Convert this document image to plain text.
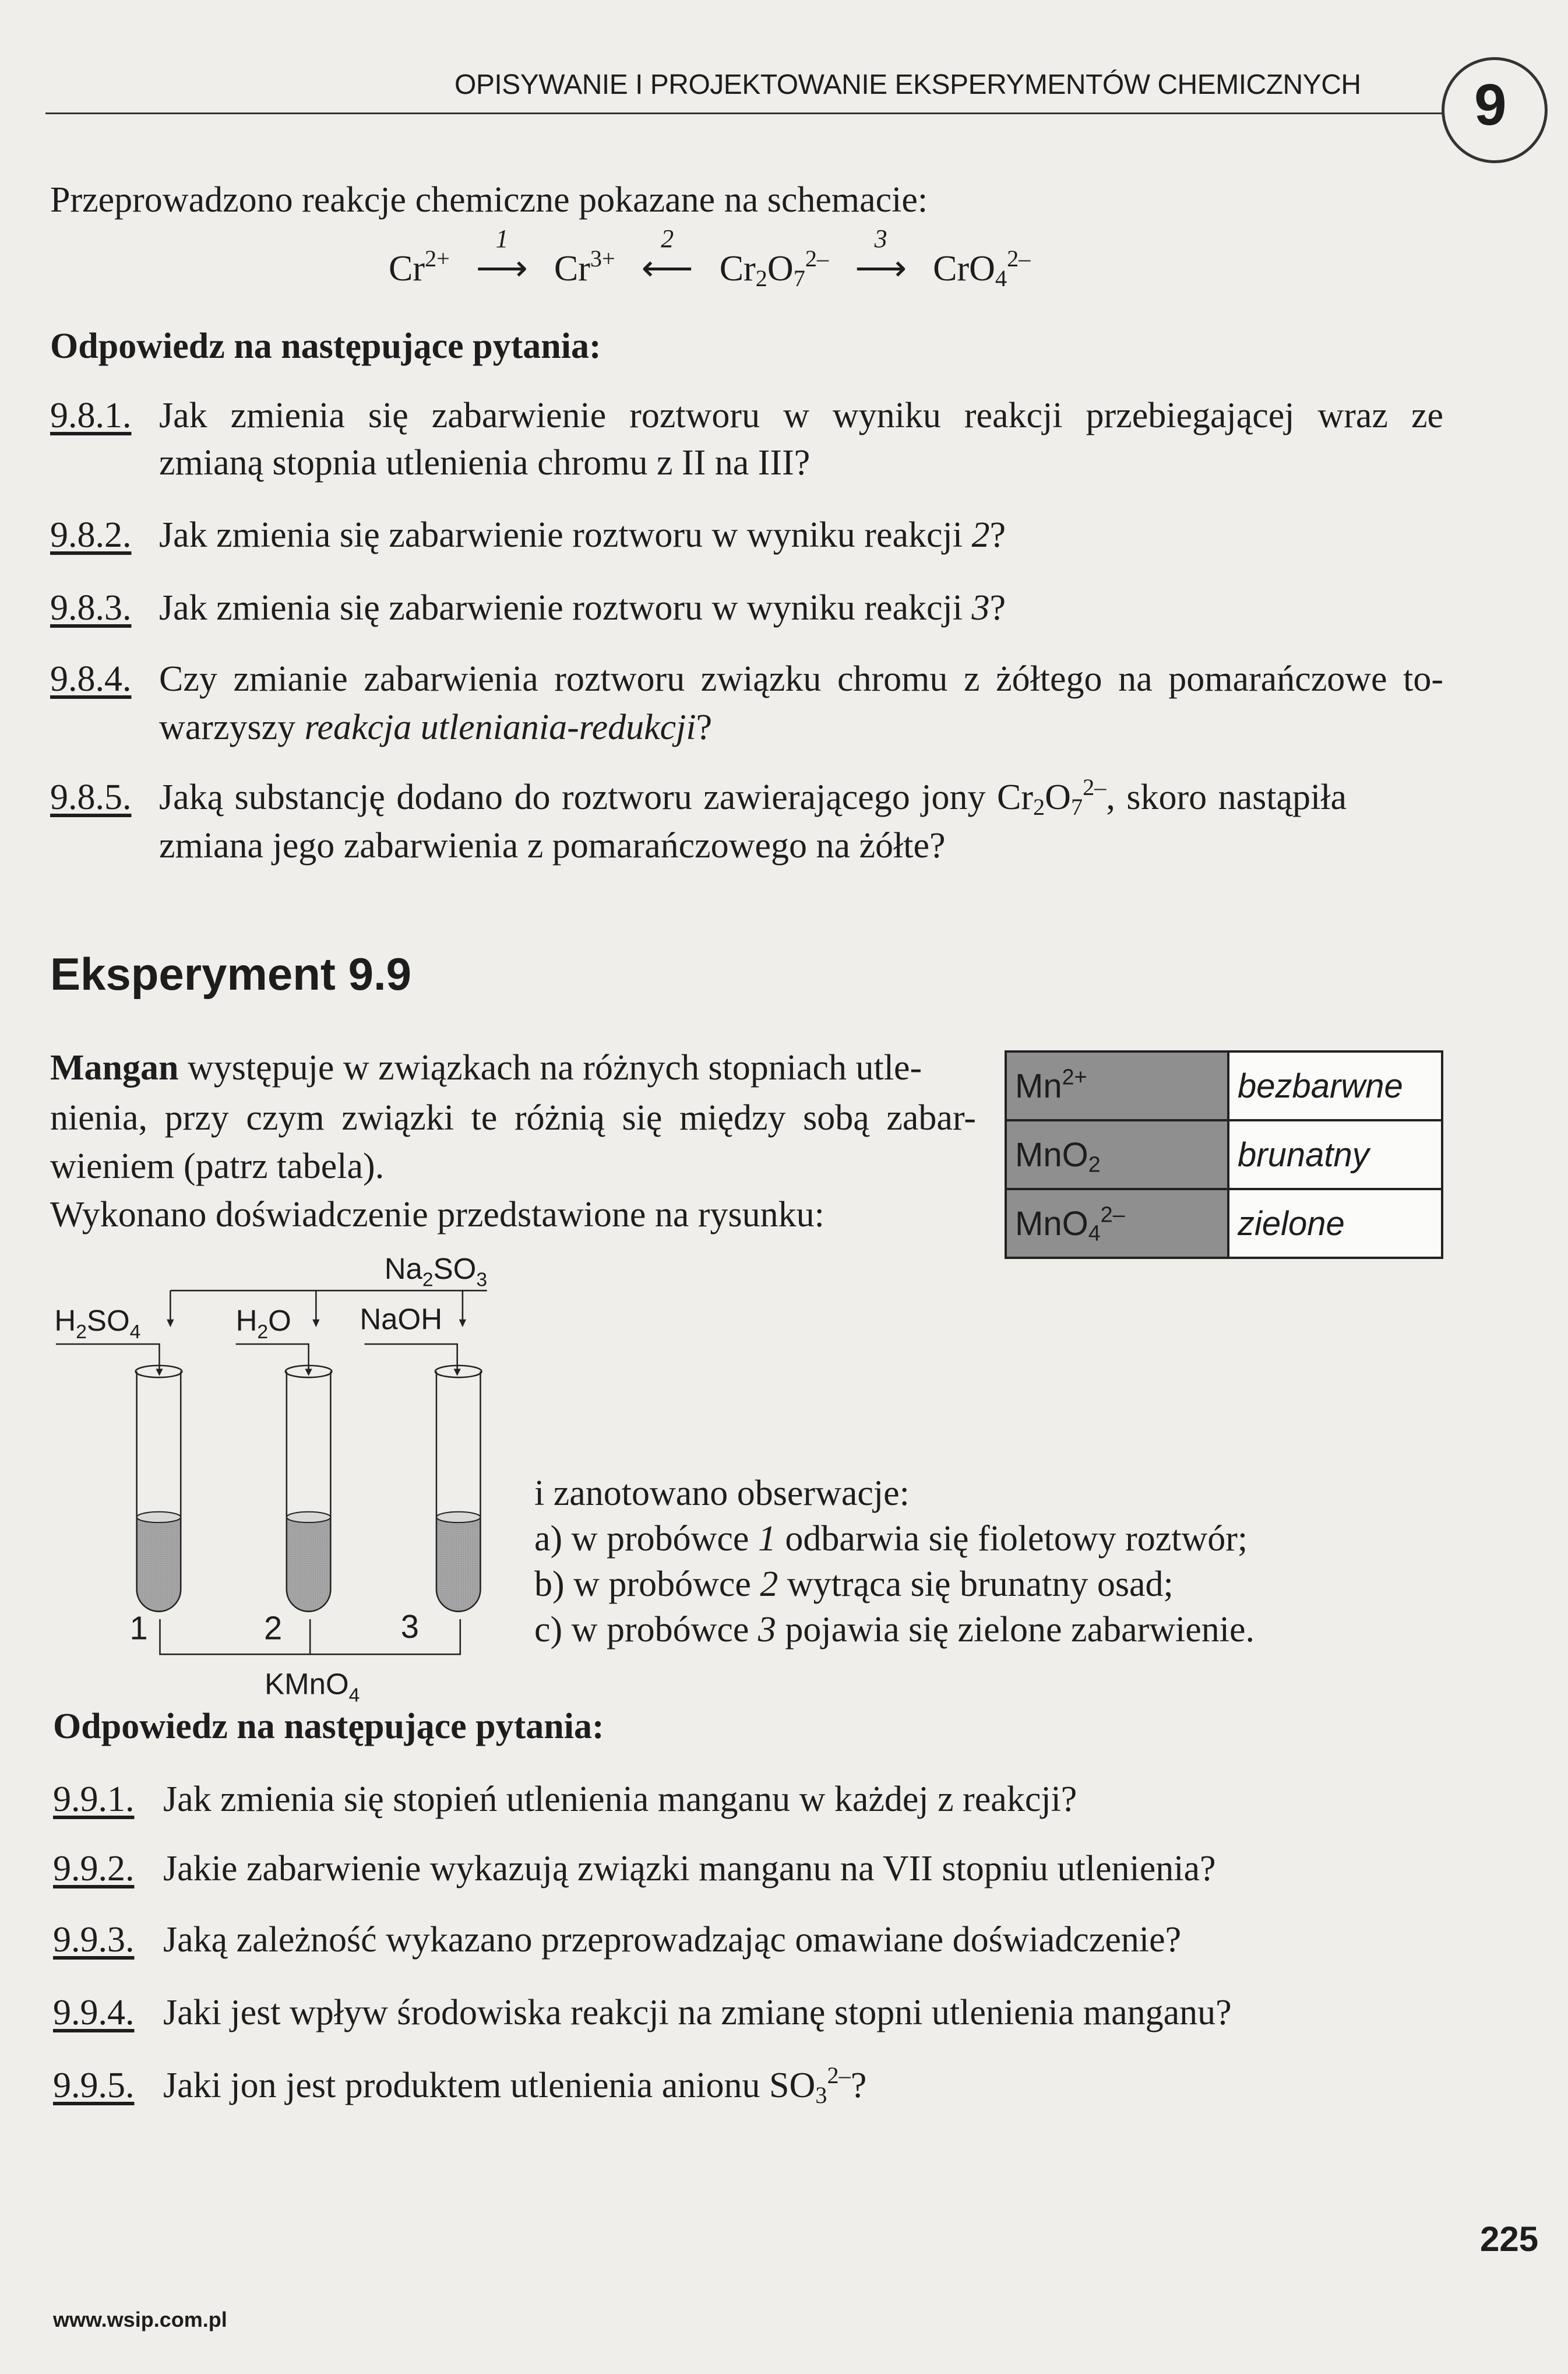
OPISYWANIE I PROJEKTOWANIE EKSPERYMENTÓW CHEMICZNYCH 9
Przeprowadzono reakcje chemiczne pokazane na schemacie:
$Cr^{2+}$
1
⟶ $Cr^{3+}$
2
⟵ $Cr_2O_7^{2-}$
3
⟶ CrO$_4^{2-}$
Odpowiedz na następujące pytania:
9.8.1. Jak zmienia się zabarwienie roztworu w wyniku reakcji przebiegającej wraz ze
zmianą stopnia utlenienia chromu z II na III?
9.8.2. Jak zmienia się zabarwienie roztworu w wyniku reakcji 2?
9.8.3. Jak zmienia się zabarwienie roztworu w wyniku reakcji 3?
9.8.4. Czy zmianie zabarwienia roztworu związku chromu z żółtego na pomarańczowe to-
warzyszy reakcja utleniania-redukcji?
9.8.5. Jaką substancję dodano do roztworu zawierającego jony $Cr_2O_7^{2-}$, skoro nastąpiła
zmiana jego zabarwienia z pomarańczowego na żółte?
Eksperyment 9.9
Mangan występuje w związkach na różnych stopniach utle-
nienia, przy czym związki te różnią się między sobą zabar-
wieniem (patrz tabela).
Wykonano doświadczenie przedstawione na rysunku:
$Mn^{2+}$	bezbarwne
MnO$_2$	brunatny
MnO$_4^{2-}$	zielone
$H_2SO_4$ $H_2O$ NaOH
$Na_2SO_3$
1 2 3
KMnO$_4$
i zanotowano obserwacje:
a) w probówce 1 odbarwia się fioletowy roztwór;
b) w probówce 2 wytrąca się brunatny osad;
c) w probówce 3 pojawia się zielone zabarwienie.
Odpowiedz na następujące pytania:
9.9.1. Jak zmienia się stopień utlenienia manganu w każdej z reakcji?
9.9.2. Jakie zabarwienie wykazują związki manganu na VII stopniu utlenienia?
9.9.3. Jaką zależność wykazano przeprowadzając omawiane doświadczenie?
9.9.4. Jaki jest wpływ środowiska reakcji na zmianę stopni utlenienia manganu?
9.9.5. Jaki jon jest produktem utlenienia anionu $SO_3^{2-}$?
225
www.wsip.com.pl
